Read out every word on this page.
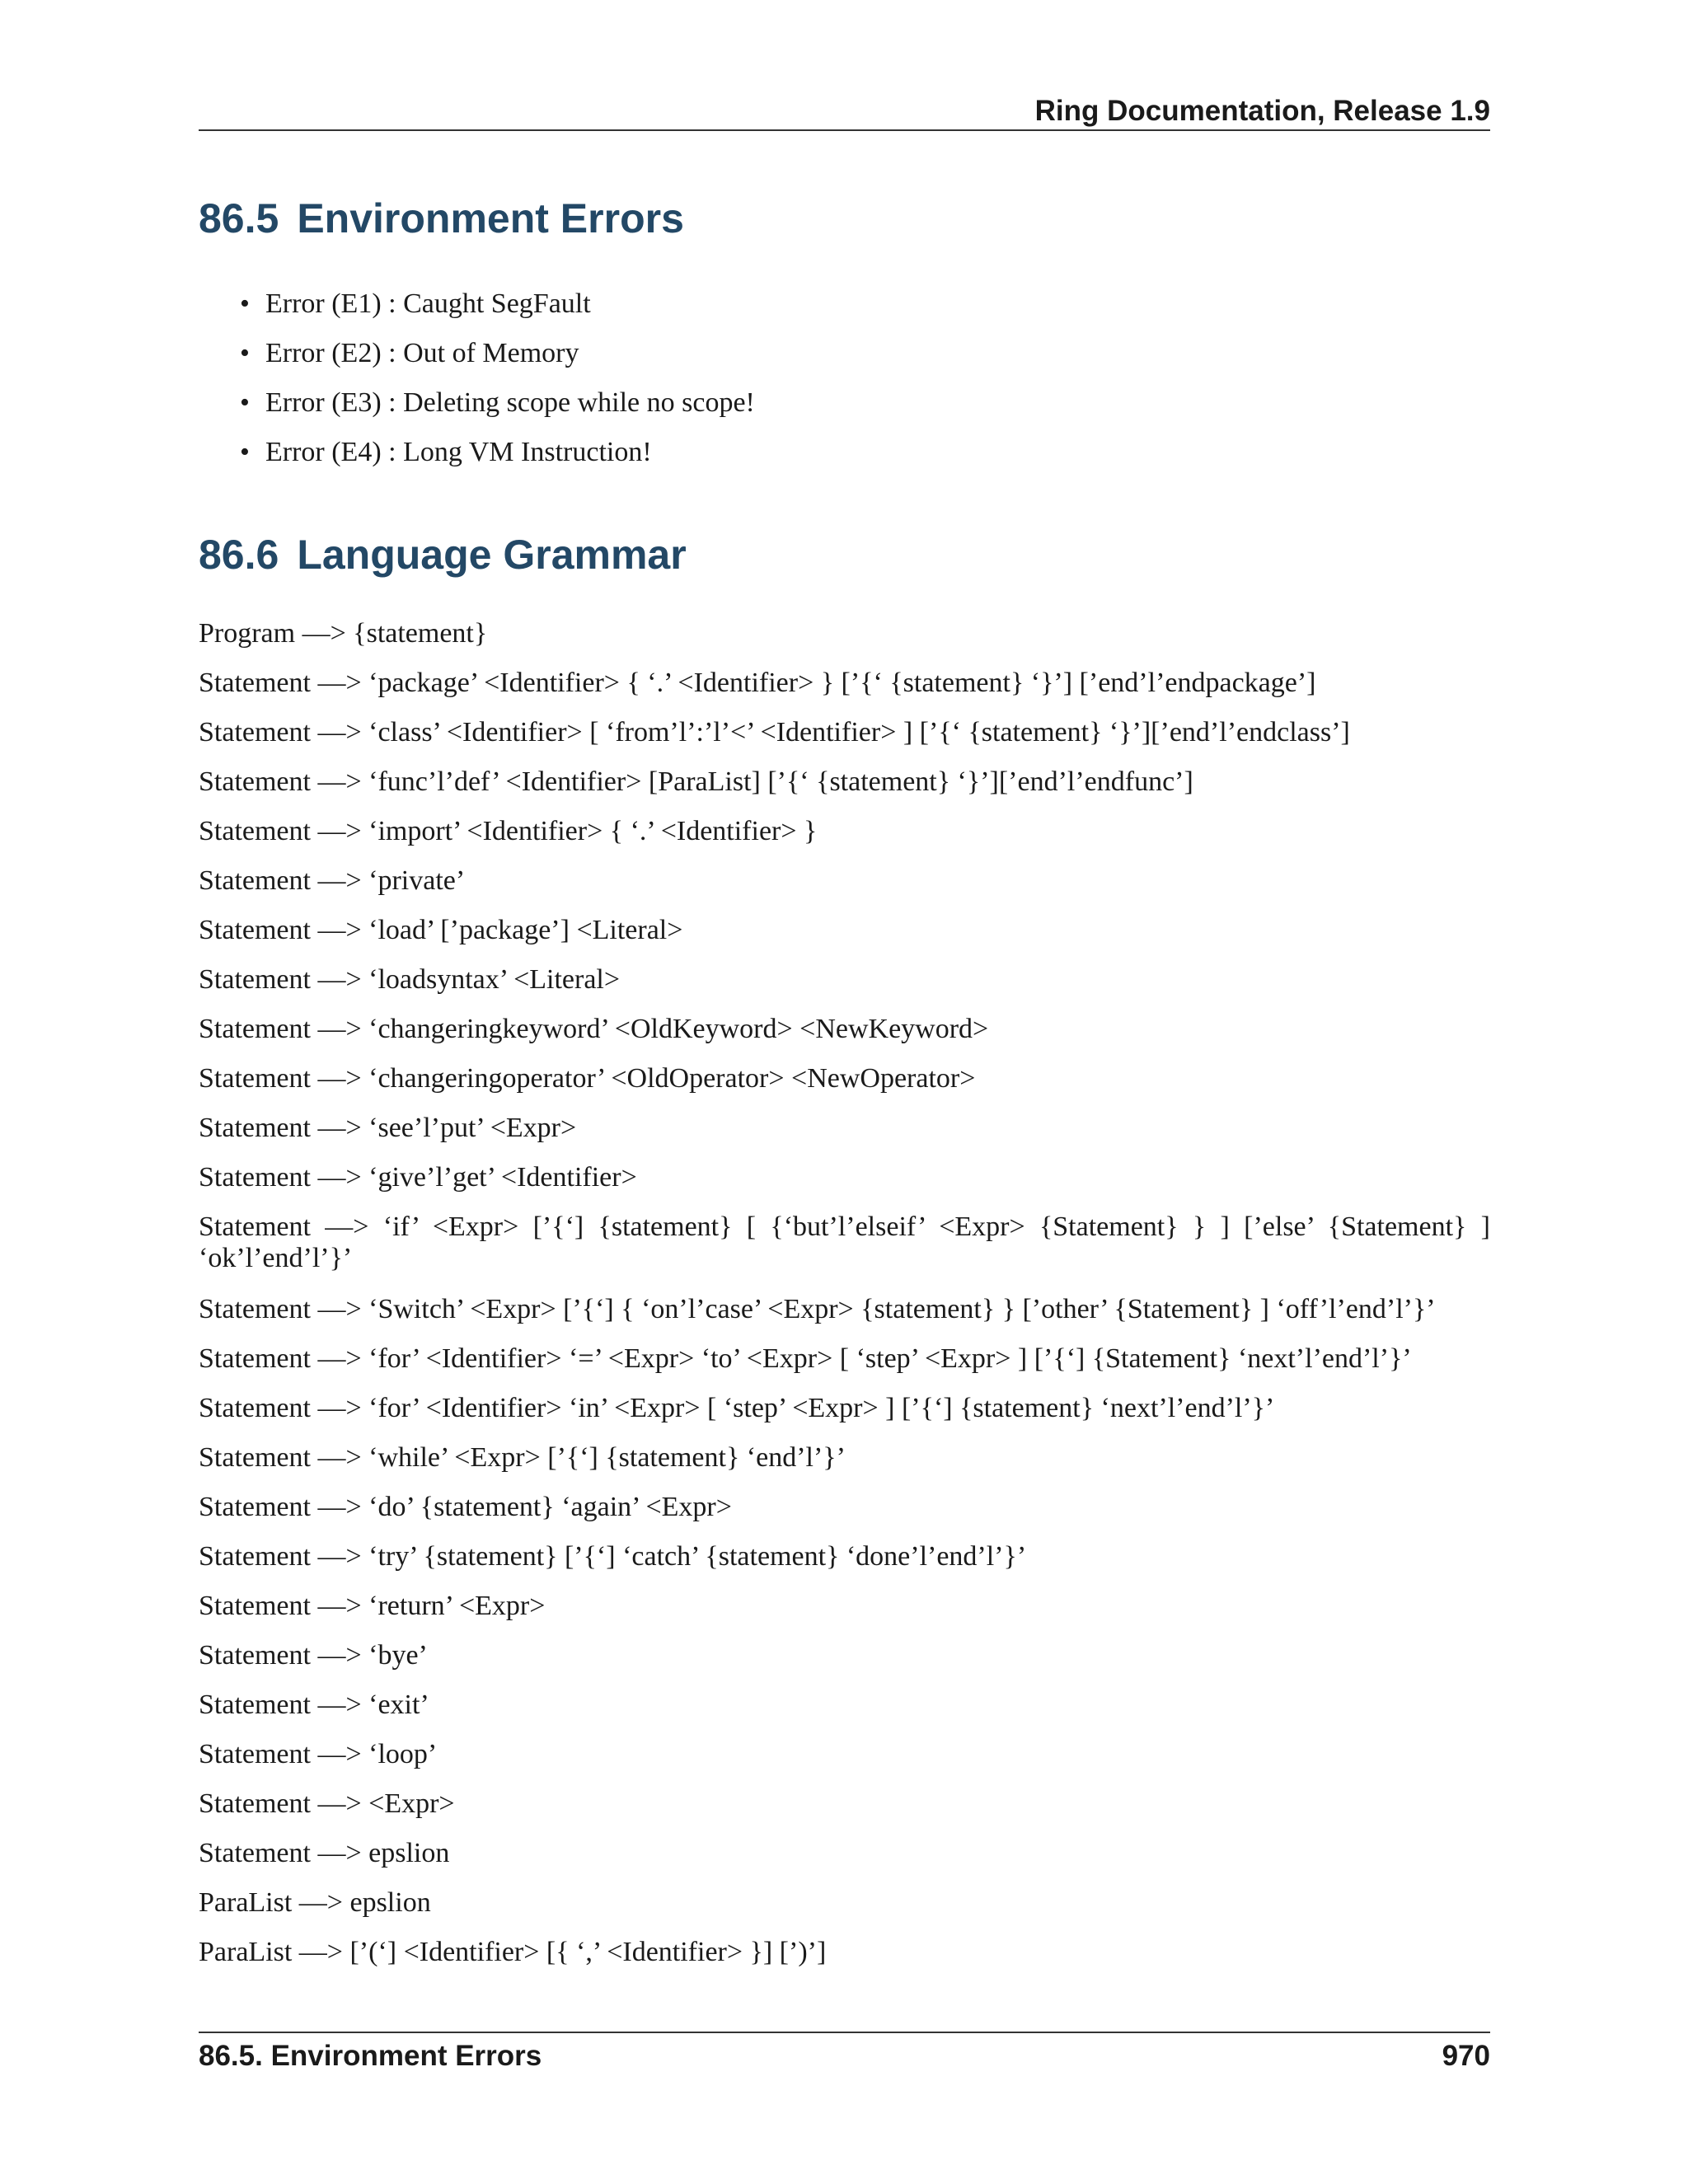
Ring Documentation, Release 1.9
86.5 Environment Errors
• Error (E1) : Caught SegFault
• Error (E2) : Out of Memory
• Error (E3) : Deleting scope while no scope!
• Error (E4) : Long VM Instruction!
86.6 Language Grammar

Program —> {statement}

Statement —> ‘package’ <Identifier> { ‘.’ <Identifier> } [’{‘ {statement} ‘}’] [’end’l’endpackage’]

Statement —> ‘class’ <Identifier> [ ‘from’l’:’l’<’ <Identifier> ] [’{‘ {statement} ‘}’][’end’l’endclass’]

Statement —> ‘func’l’def’ <Identifier> [ParaList] [’{‘ {statement} ‘}’][’end’l’endfunc’]

Statement —> ‘import’ <Identifier> { ‘.’ <Identifier> }

Statement —> ‘private’

Statement —> ‘load’ [’package’] <Literal>

Statement —> ‘loadsyntax’ <Literal>

Statement —> ‘changeringkeyword’ <OldKeyword> <NewKeyword>

Statement —> ‘changeringoperator’ <OldOperator> <NewOperator>

Statement —> ‘see’l’put’ <Expr>

Statement —> ‘give’l’get’ <Identifier>

Statement —> ‘if’ <Expr> [’{‘] {statement} [ {‘but’l’elseif’ <Expr> {Statement} } ] [’else’ {Statement} ] ‘ok’l’end’l’}’

Statement —> ‘Switch’ <Expr> [’{‘] { ‘on’l’case’ <Expr> {statement} } [’other’ {Statement} ] ‘off’l’end’l’}’

Statement —> ‘for’ <Identifier> ‘=’ <Expr> ‘to’ <Expr> [ ‘step’ <Expr> ] [’{‘] {Statement} ‘next’l’end’l’}’

Statement —> ‘for’ <Identifier> ‘in’ <Expr> [ ‘step’ <Expr> ] [’{‘] {statement} ‘next’l’end’l’}’

Statement —> ‘while’ <Expr> [’{‘] {statement} ‘end’l’}’

Statement —> ‘do’ {statement} ‘again’ <Expr>

Statement —> ‘try’ {statement} [’{‘] ‘catch’ {statement} ‘done’l’end’l’}’

Statement —> ‘return’ <Expr>

Statement —> ‘bye’

Statement —> ‘exit’

Statement —> ‘loop’

Statement —> <Expr>

Statement —> epslion

ParaList —> epslion

ParaList —> [’(‘] <Identifier> [{ ‘,’ <Identifier> }] [’)’]

86.5. Environment Errors	970
